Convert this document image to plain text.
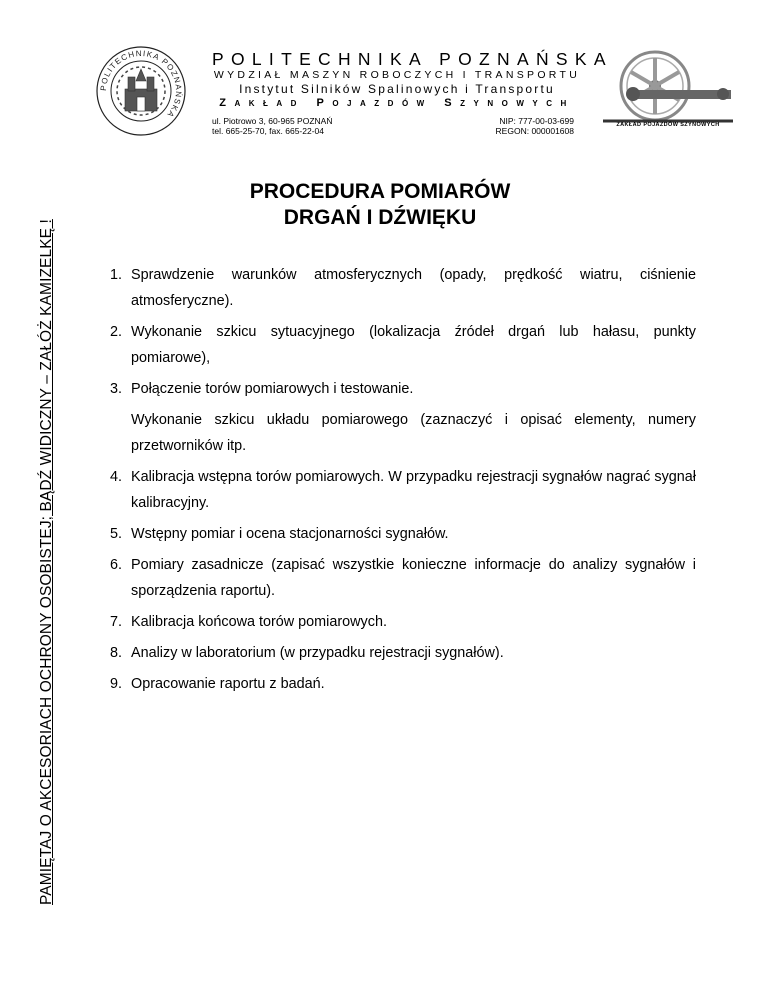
PAMIĘTAJ O AKCESORIACH OCHRONY OSOBISTEJ; BĄDŹ WIDICZNY – ZAŁÓŻ KAMIZELKĘ !
POLITECHNIKA POZNAŃSKA
POLITECHNIKA POZNAŃSKA
WYDZIAŁ MASZYN ROBOCZYCH I TRANSPORTU
Instytut Silników Spalinowych i Transportu
Zakład Pojazdów Szynowych
ul. Piotrowo 3, 60-965 POZNAŃ
tel. 665-25-70, fax. 665-22-04
NIP: 777-00-03-699
REGON: 000001608
ZAKŁAD POJAZDÓW SZYNOWYCH
PROCEDURA POMIARÓW
DRGAŃ I DŹWIĘKU
1. Sprawdzenie warunków atmosferycznych (opady, prędkość wiatru, ciśnienie atmosferyczne).
2. Wykonanie szkicu sytuacyjnego (lokalizacja źródeł drgań lub hałasu, punkty pomiarowe),
3. Połączenie torów pomiarowych i testowanie.
Wykonanie szkicu układu pomiarowego (zaznaczyć i opisać elementy, numery przetworników itp.
4. Kalibracja wstępna torów pomiarowych. W przypadku rejestracji sygnałów nagrać sygnał kalibracyjny.
5. Wstępny pomiar i ocena stacjonarności sygnałów.
6. Pomiary zasadnicze (zapisać wszystkie konieczne informacje do analizy sygnałów i sporządzenia raportu).
7. Kalibracja końcowa torów pomiarowych.
8. Analizy w laboratorium (w przypadku rejestracji sygnałów).
9. Opracowanie raportu z badań.
